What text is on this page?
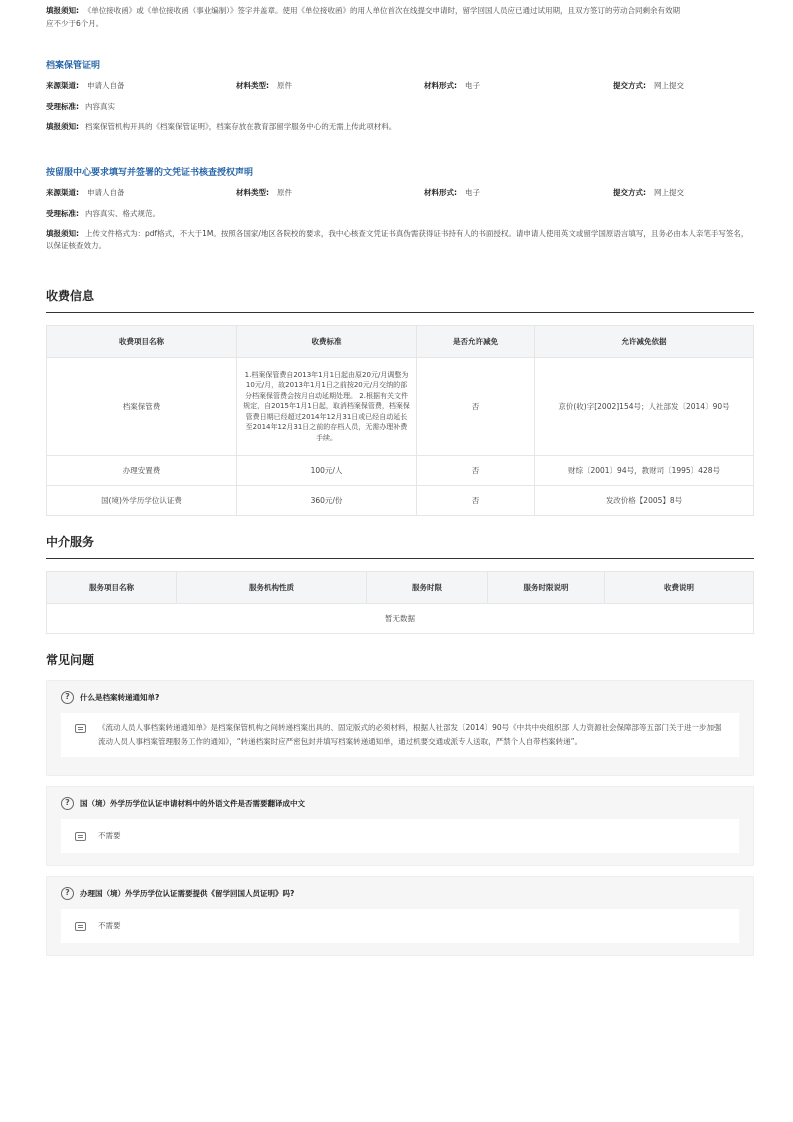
填报须知: 《单位接收函》或《单位接收函（事业编制）》签字并盖章。使用《单位接收函》的用人单位首次在线提交申请时，留学回国人员应已通过试用期，且双方签订的劳动合同剩余有效期
应不少于6个月。
档案保管证明
来源渠道: 申请人自备	材料类型: 原件	材料形式: 电子	提交方式: 网上提交
受理标准: 内容真实
填报须知: 档案保管机构开具的《档案保管证明》，档案存放在教育部留学服务中心的无需上传此项材料。
按留服中心要求填写并签署的文凭证书核查授权声明
来源渠道: 申请人自备	材料类型: 原件	材料形式: 电子	提交方式: 网上提交
受理标准: 内容真实、格式规范。
填报须知: 上传文件格式为：pdf格式，不大于1M。按照各国家/地区各院校的要求，我中心核查文凭证书真伪需获得证书持有人的书面授权。请申请人使用英文或留学国原语言填写，且务必由本人亲笔手写签名，以保证核查效力。
收费信息
收费项目名称	收费标准	是否允许减免	允许减免依据
档案保管费	1.档案保管费自2013年1月1日起由原20元/月调整为10元/月，故2013年1月1日之前按20元/月交纳的部分档案保管费会按月自动延期处理。 2.根据有关文件规定，自2015年1月1日起，取消档案保管费，档案保管费日期已经超过2014年12月31日或已经自动延长至2014年12月31日之前的存档人员，无需办理补费手续。	否	京价(收)字[2002]154号；人社部发〔2014〕90号
办理安置费	100元/人	否	财综〔2001〕94号，教财司〔1995〕428号
国(境)外学历学位认证费	360元/份	否	发改价格【2005】8号
中介服务
服务项目名称	服务机构性质	服务时限	服务时限说明	收费说明
暂无数据
常见问题
?	什么是档案转递通知单?
《流动人员人事档案转递通知单》是档案保管机构之间转递档案出具的、固定版式的必须材料，根据人社部发〔2014〕90号《中共中央组织部 人力资源社会保障部等五部门关于进一步加强流动人员人事档案管理服务工作的通知》，“转递档案时应严密包封并填写档案转递通知单，通过机要交通或派专人送取，严禁个人自带档案转递”。
?	国（境）外学历学位认证申请材料中的外语文件是否需要翻译成中文
不需要
?	办理国（境）外学历学位认证需要提供《留学回国人员证明》吗?
不需要
